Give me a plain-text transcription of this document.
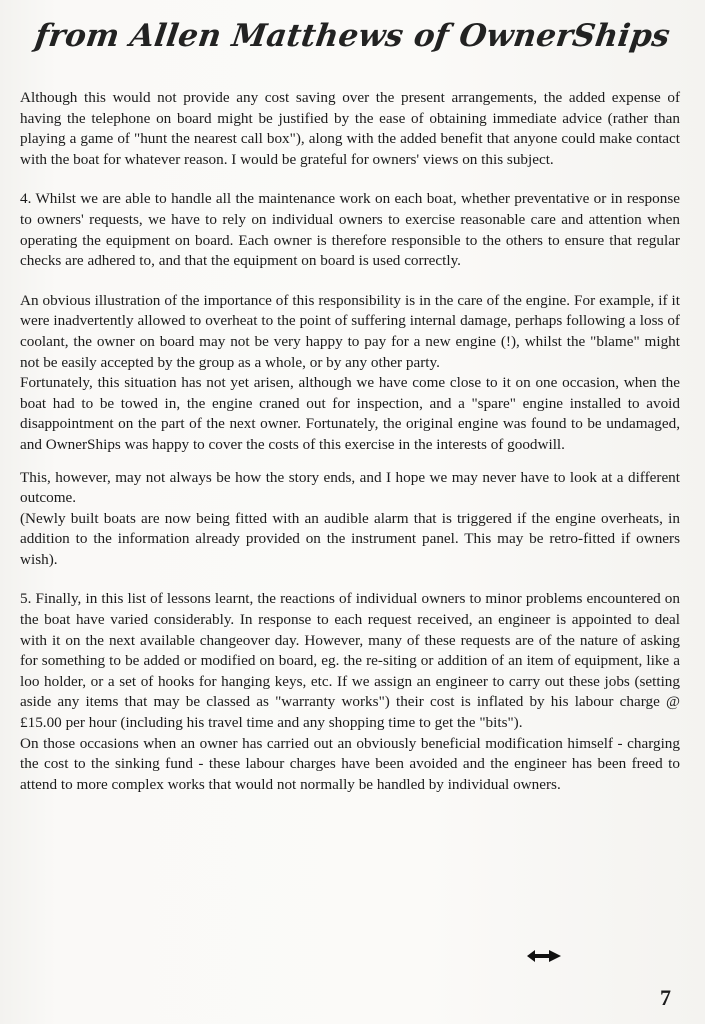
from Allen Matthews of OwnerShips

Although this would not provide any cost saving over the present arrangements, the added expense of having the telephone on board might be justified by the ease of obtaining immediate advice (rather than playing a game of "hunt the nearest call box"), along with the added benefit that anyone could make contact with the boat for whatever reason. I would be grateful for owners' views on this subject.

4. Whilst we are able to handle all the maintenance work on each boat, whether preventative or in response to owners' requests, we have to rely on individual owners to exercise reasonable care and attention when operating the equipment on board. Each owner is therefore responsible to the others to ensure that regular checks are adhered to, and that the equipment on board is used correctly.

An obvious illustration of the importance of this responsibility is in the care of the engine. For example, if it were inadvertently allowed to overheat to the point of suffering internal damage, perhaps following a loss of coolant, the owner on board may not be very happy to pay for a new engine (!), whilst the "blame" might not be easily accepted by the group as a whole, or by any other party.

Fortunately, this situation has not yet arisen, although we have come close to it on one occasion, when the boat had to be towed in, the engine craned out for inspection, and a "spare" engine installed to avoid disappointment on the part of the next owner. Fortunately, the original engine was found to be undamaged, and OwnerShips was happy to cover the costs of this exercise in the interests of goodwill.

This, however, may not always be how the story ends, and I hope we may never have to look at a different outcome.

(Newly built boats are now being fitted with an audible alarm that is triggered if the engine overheats, in addition to the information already provided on the instrument panel. This may be retro-fitted if owners wish).

5. Finally, in this list of lessons learnt, the reactions of individual owners to minor problems encountered on the boat have varied considerably. In response to each request received, an engineer is appointed to deal with it on the next available changeover day. However, many of these requests are of the nature of asking for something to be added or modified on board, eg. the re-siting or addition of an item of equipment, like a loo holder, or a set of hooks for hanging keys, etc. If we assign an engineer to carry out these jobs (setting aside any items that may be classed as "warranty works") their cost is inflated by his labour charge @ £15.00 per hour (including his travel time and any shopping time to get the "bits").

On those occasions when an owner has carried out an obviously beneficial modification himself - charging the cost to the sinking fund - these labour charges have been avoided and the engineer has been freed to attend to more complex works that would not normally be handled by individual owners.

7
